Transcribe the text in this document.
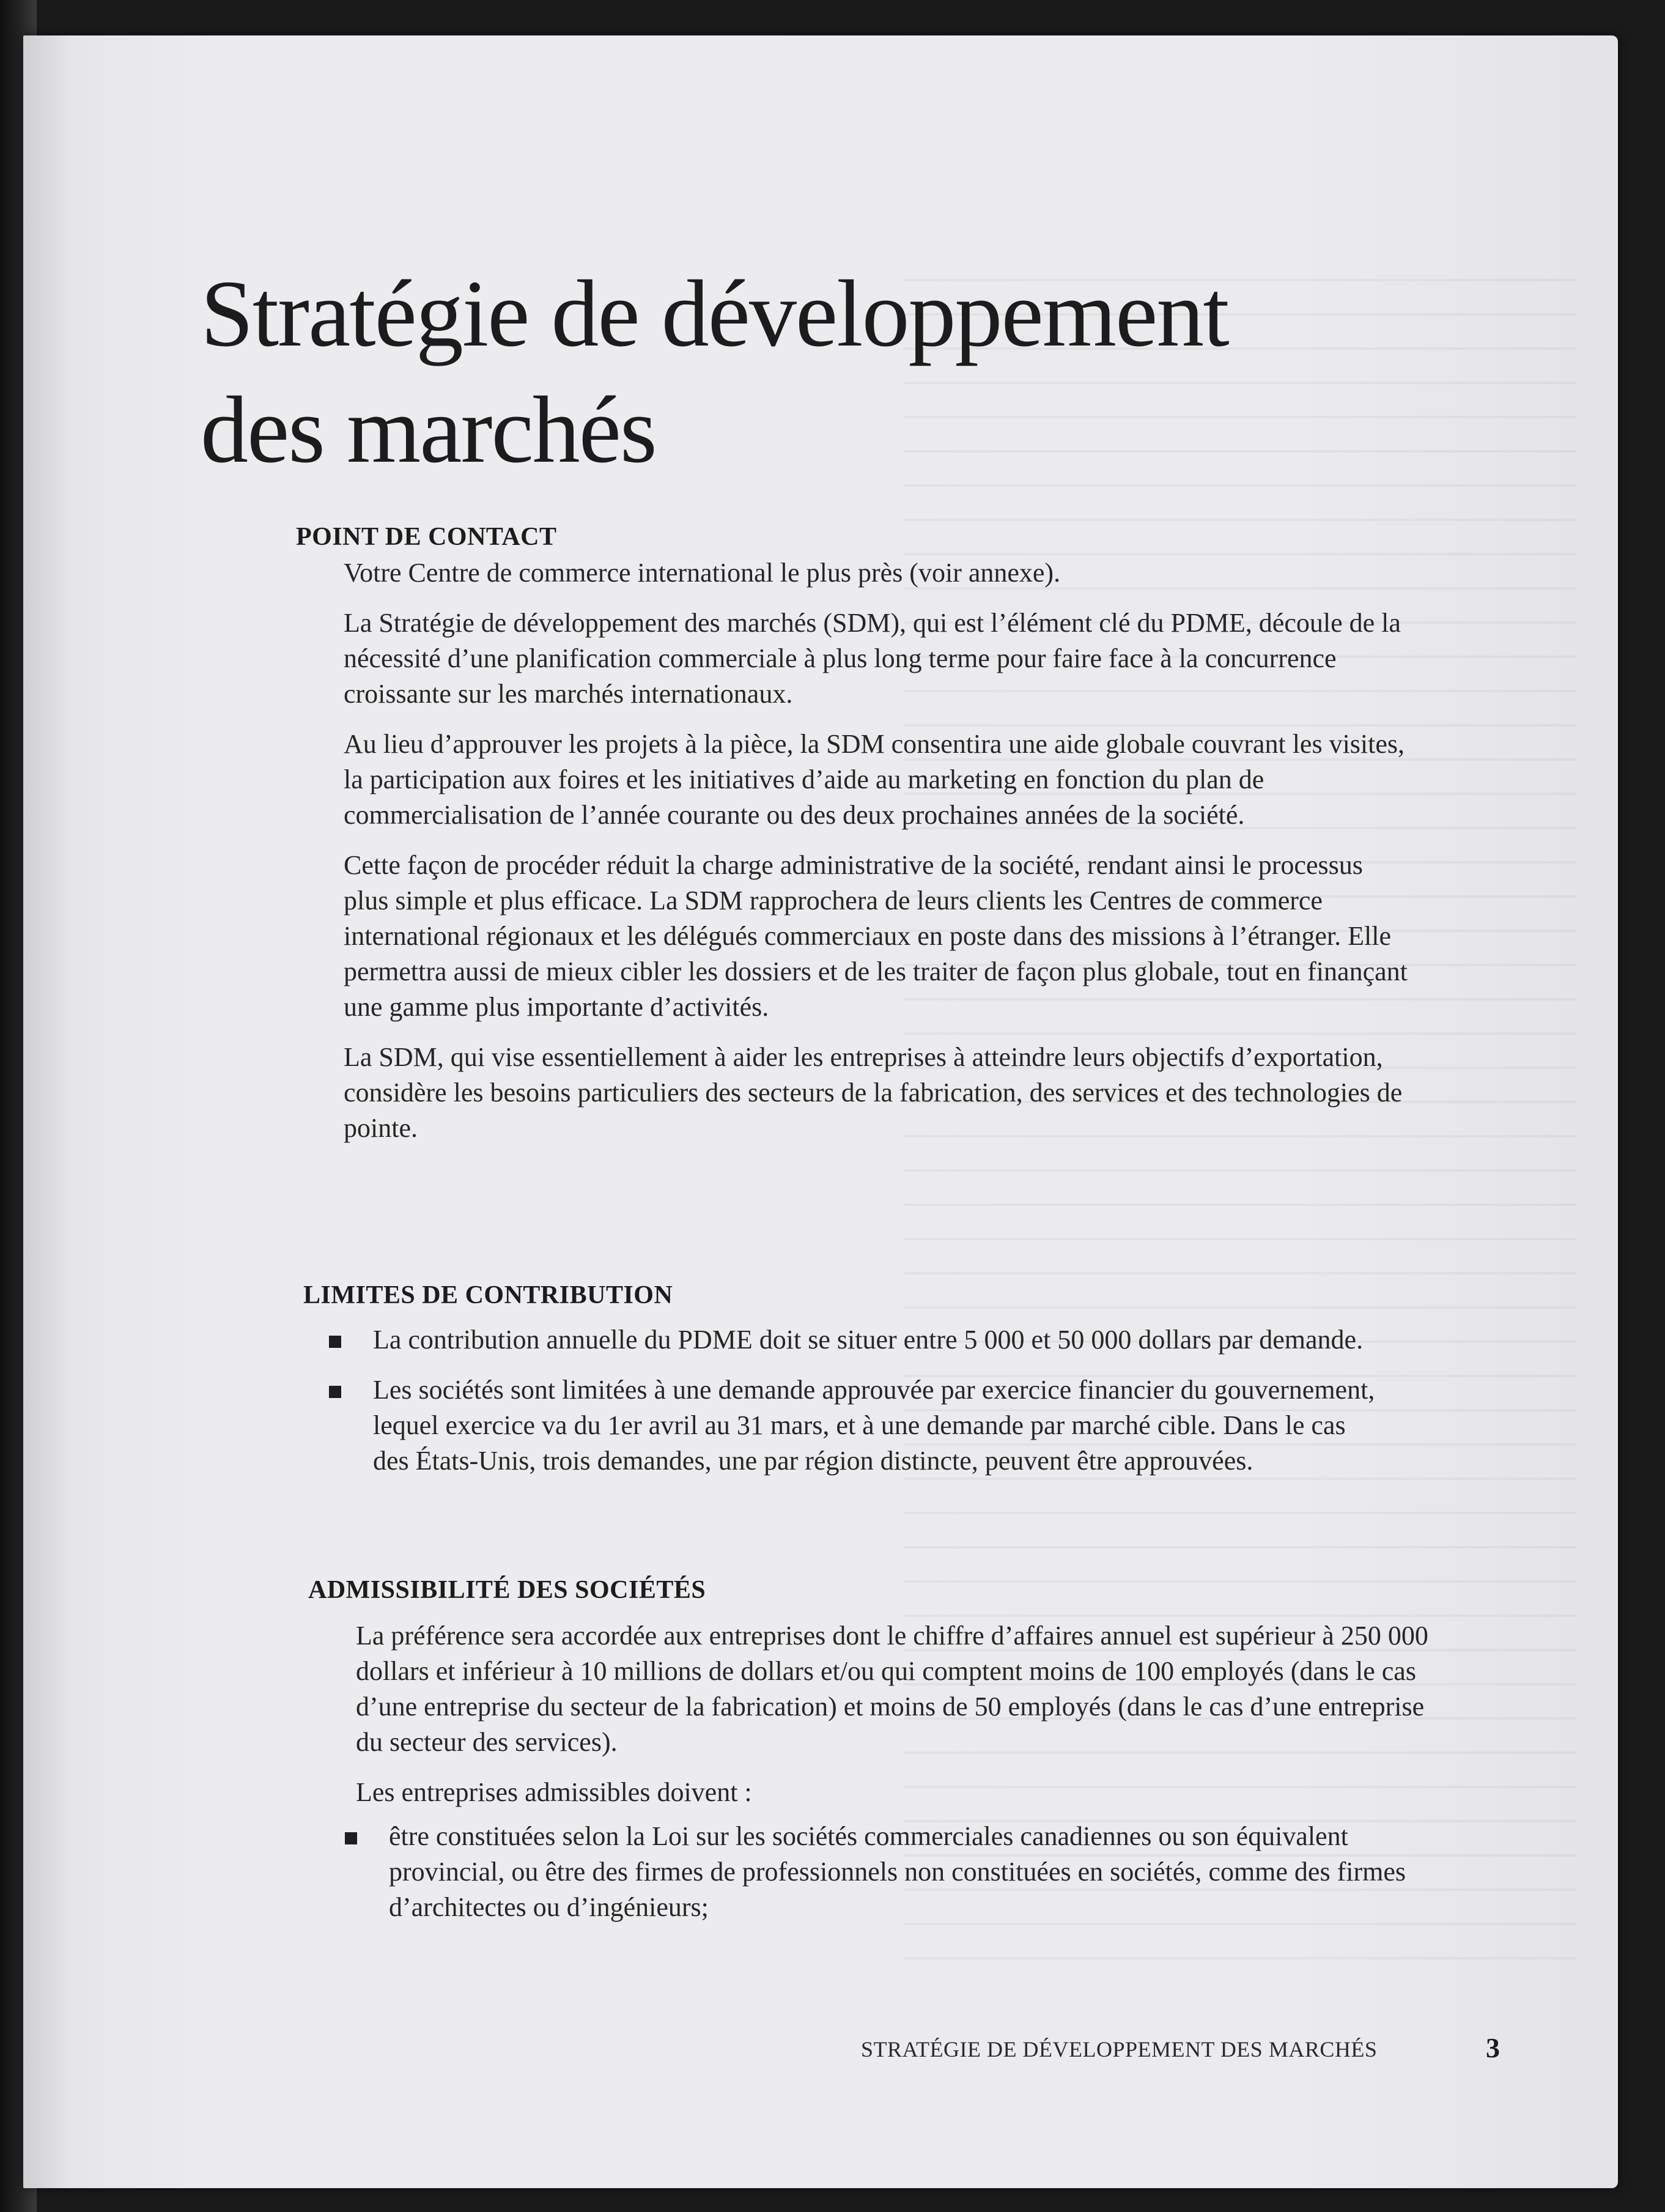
Stratégie de développement
des marchés
POINT DE CONTACT

Votre Centre de commerce international le plus près (voir annexe).

La Stratégie de développement des marchés (SDM), qui est l’élément clé du PDME, découle de la nécessité d’une planification commerciale à plus long terme pour faire face à la concurrence croissante sur les marchés internationaux.

Au lieu d’approuver les projets à la pièce, la SDM consentira une aide globale couvrant les visites, la participation aux foires et les initiatives d’aide au marketing en fonction du plan de commercialisation de l’année courante ou des deux prochaines années de la société.

Cette façon de procéder réduit la charge administrative de la société, rendant ainsi le processus plus simple et plus efficace. La SDM rapprochera de leurs clients les Centres de commerce international régionaux et les délégués commerciaux en poste dans des missions à l’étranger. Elle permettra aussi de mieux cibler les dossiers et de les traiter de façon plus globale, tout en finançant une gamme plus importante d’activités.

La SDM, qui vise essentiellement à aider les entreprises à atteindre leurs objectifs d’exportation, considère les besoins particuliers des secteurs de la fabrication, des services et des technologies de pointe.

LIMITES DE CONTRIBUTION
La contribution annuelle du PDME doit se situer entre 5 000 et 50 000 dollars par demande.
Les sociétés sont limitées à une demande approuvée par exercice financier du gouvernement, lequel exercice va du 1er avril au 31 mars, et à une demande par marché cible. Dans le cas des États-Unis, trois demandes, une par région distincte, peuvent être approuvées.
ADMISSIBILITÉ DES SOCIÉTÉS

La préférence sera accordée aux entreprises dont le chiffre d’affaires annuel est supérieur à 250 000 dollars et inférieur à 10 millions de dollars et/ou qui comptent moins de 100 employés (dans le cas d’une entreprise du secteur de la fabrication) et moins de 50 employés (dans le cas d’une entreprise du secteur des services).

Les entreprises admissibles doivent :

être constituées selon la Loi sur les sociétés commerciales canadiennes ou son équivalent provincial, ou être des firmes de professionnels non constituées en sociétés, comme des firmes d’architectes ou d’ingénieurs;
STRATÉGIE DE DÉVELOPPEMENT DES MARCHÉS	3
